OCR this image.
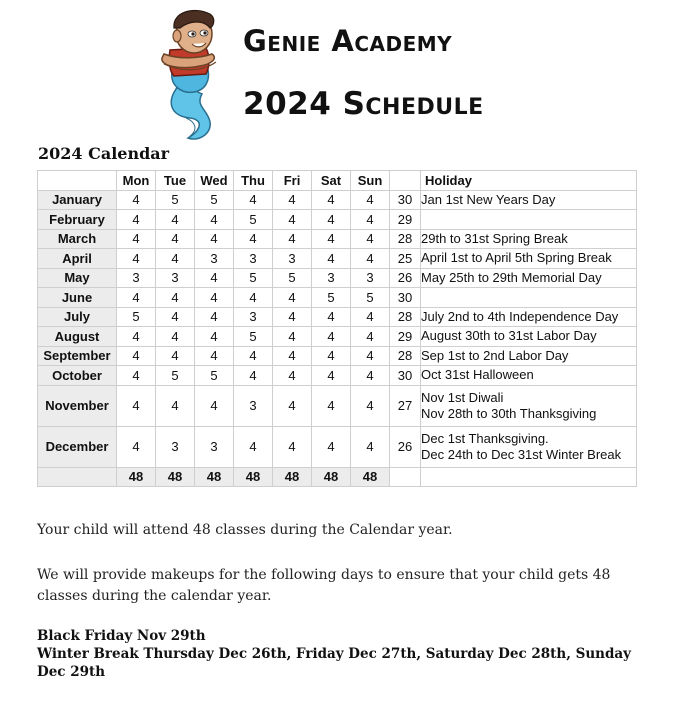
Genie Academy
2024 Schedule
2024 Calendar
	Mon	Tue	Wed	Thu	Fri	Sat	Sun		Holiday
January	4	5	5	4	4	4	4	30	Jan 1st New Years Day

February	4	4	4	5	4	4	4	29	
March	4	4	4	4	4	4	4	28	29th to 31st Spring Break

April	4	4	3	3	3	4	4	25	April 1st to April 5th Spring Break

May	3	3	4	5	5	3	3	26	May 25th to 29th Memorial Day

June	4	4	4	4	4	5	5	30	
July	5	4	4	3	4	4	4	28	July 2nd to 4th Independence Day

August	4	4	4	5	4	4	4	29	August 30th to 31st Labor Day

September	4	4	4	4	4	4	4	28	Sep 1st to 2nd Labor Day

October	4	5	5	4	4	4	4	30	Oct 31st Halloween

November	4	4	4	3	4	4	4	27	Nov 1st Diwali
Nov 28th to 30th Thanksgiving

December	4	3	3	4	4	4	4	26	Dec 1st Thanksgiving.
Dec 24th to Dec 31st Winter Break

	48	48	48	48	48	48	48		
Your child will attend 48 classes during the Calendar year.
We will provide makeups for the following days to ensure that your child gets 48 classes during the calendar year.
Black Friday Nov 29th
Winter Break Thursday Dec 26th, Friday Dec 27th, Saturday Dec 28th, Sunday Dec 29th
